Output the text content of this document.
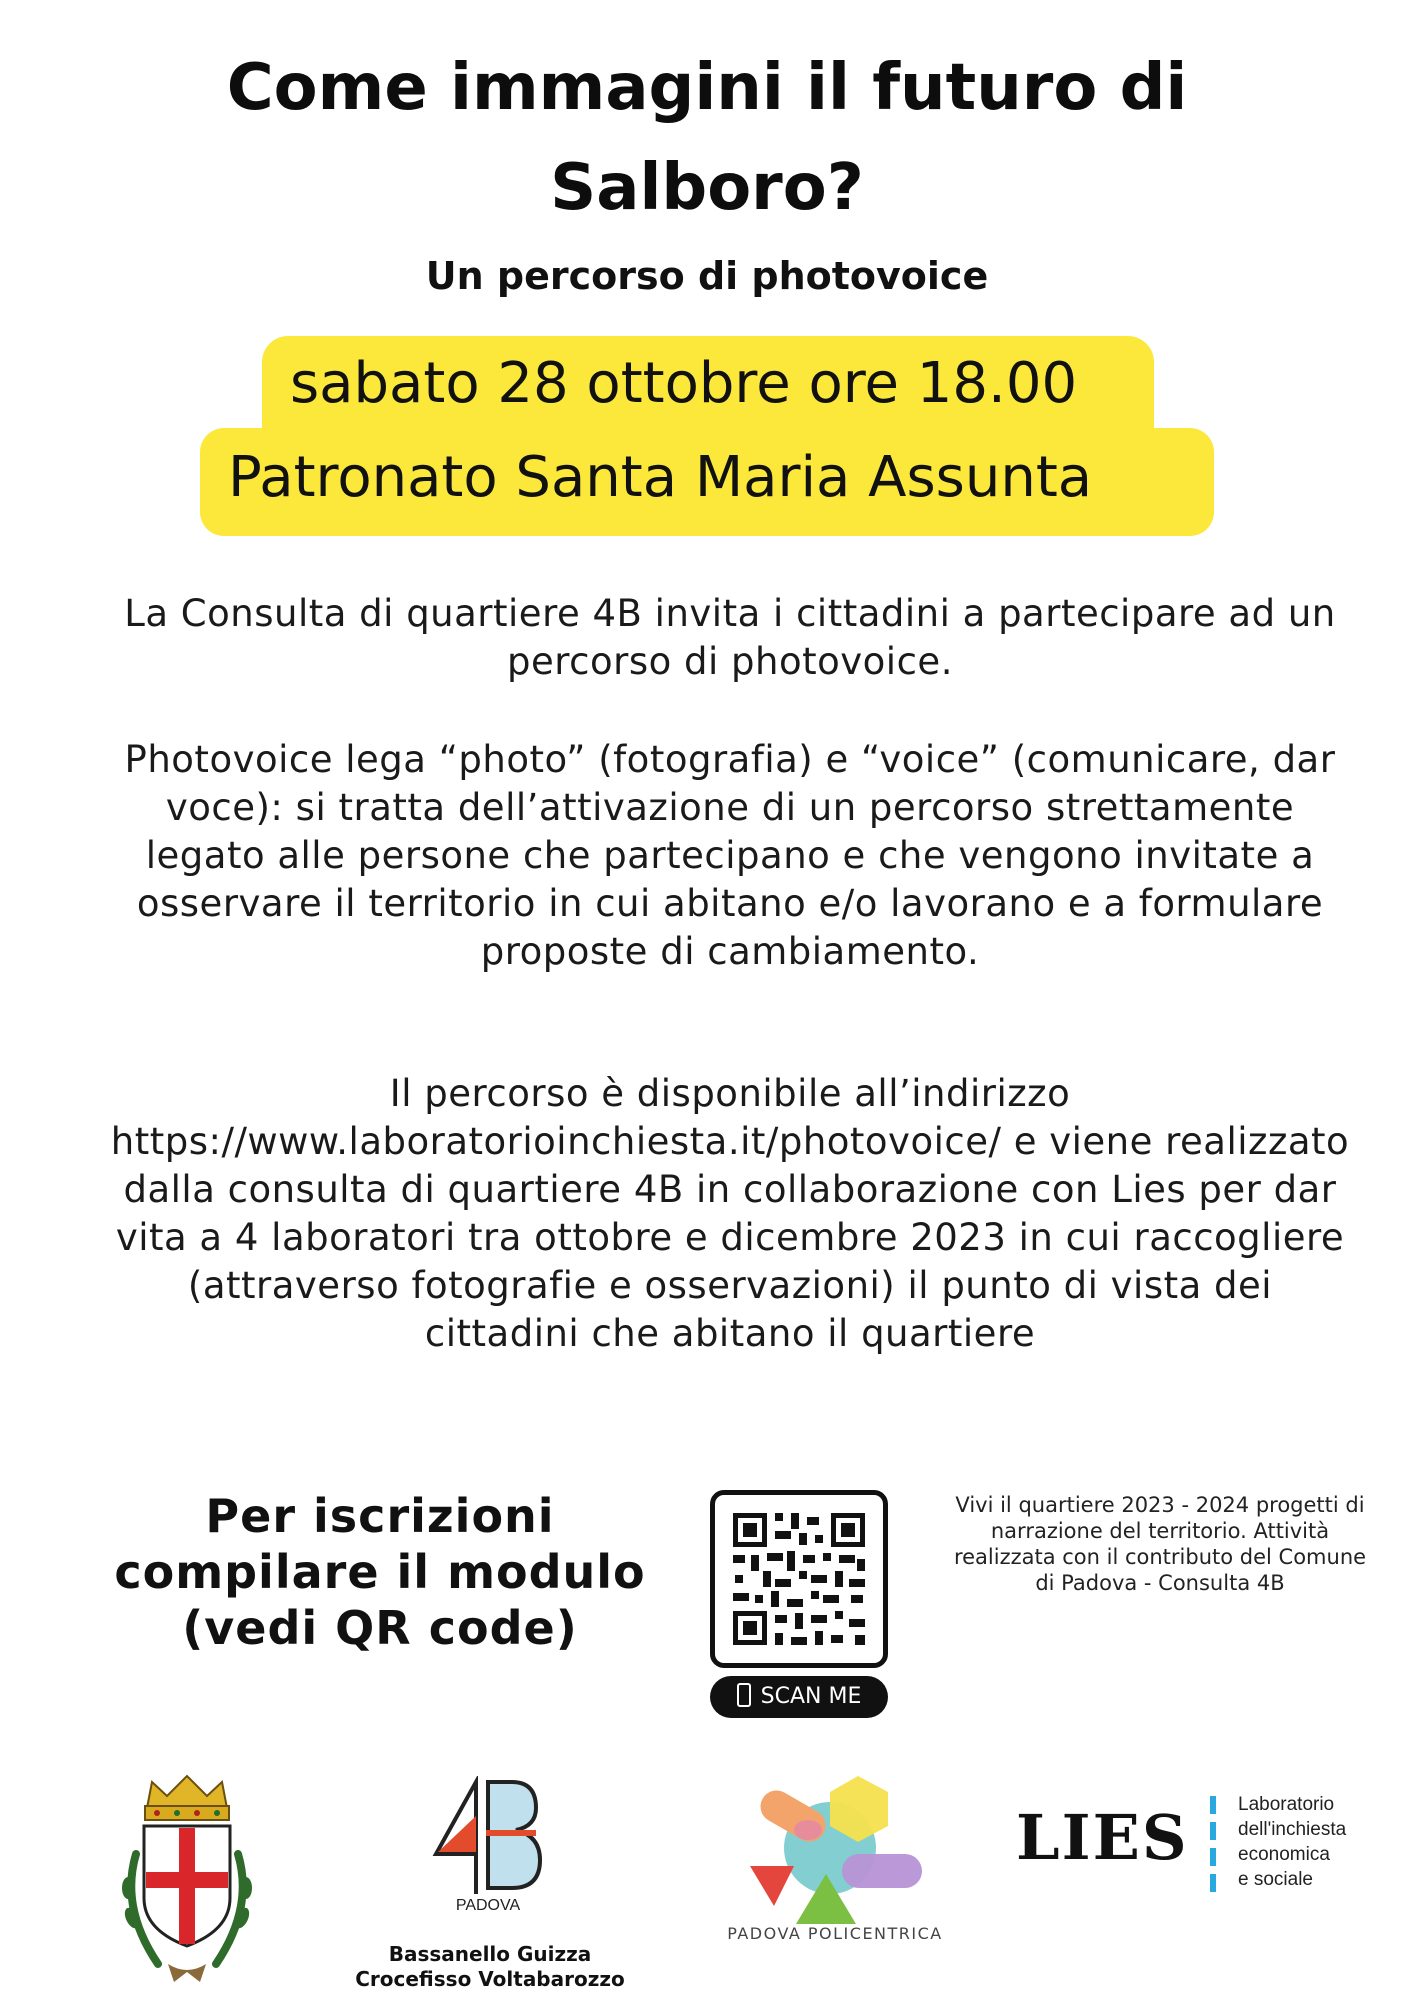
Come immagini il futuro di
Salboro?
Un percorso di photovoice
sabato 28 ottobre ore 18.00
Patronato Santa Maria Assunta
La Consulta di quartiere 4B invita i cittadini a partecipare ad un percorso di photovoice.
Photovoice lega “photo” (fotografia) e “voice” (comunicare, dar voce): si tratta dell’attivazione di un percorso strettamente legato alle persone che partecipano e che vengono invitate a osservare il territorio in cui abitano e/o lavorano e a formulare proposte di cambiamento.
Il percorso è disponibile all’indirizzo https://www.laboratorioinchiesta.it/photovoice/ e viene realizzato dalla consulta di quartiere 4B in collaborazione con Lies per dar vita a 4 laboratori tra ottobre e dicembre 2023 in cui raccogliere (attraverso fotografie e osservazioni) il punto di vista dei cittadini che abitano il quartiere
Per iscrizioni
compilare il modulo
(vedi QR code)
SCAN ME
Vivi il quartiere 2023 - 2024 progetti di narrazione del territorio. Attività realizzata con il contributo del Comune di Padova - Consulta 4B
PADOVA
Bassanello Guizza
Crocefisso Voltabarozzo
PADOVA POLICENTRICA
LIES	Laboratorio
dell'inchiesta
economica
e sociale
